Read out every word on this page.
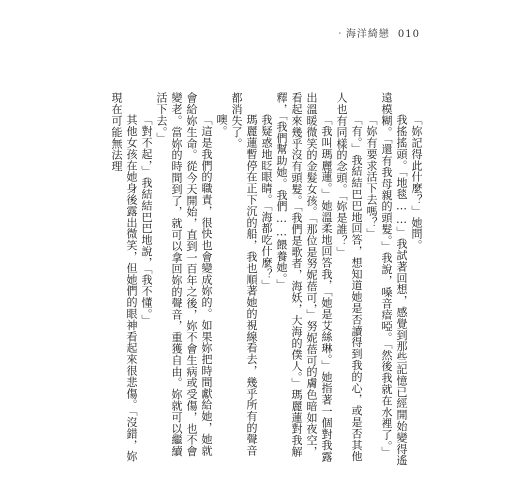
‧海洋綺戀 010

「妳記得此什麼？」她問。

我搖搖頭。「地毯……」我試著回想，感覺到那些記憶已經開始變得遙遠模糊。「還有我母親的頭髮。」我說，嗓音瘖啞。「然後我就在水裡了。」

「妳有要求活下去嗎？」

「有。」我結結巴巴地回答，想知道她是否讀得到我的心，或是否其他人也有同樣的念頭。「妳是誰？」

「我叫瑪麗蓮。」她溫柔地回答我，「她是艾絲琳。」她指著一個對我露出溫暖微笑的金髮女孩。「那位是努妮蓓可，」努妮蓓可的膚色暗如夜空，看起來幾乎沒有頭髮。「我們是歌者，海妖，大海的僕人。」瑪麗蓮對我解釋，「我們幫助她。我們……餵養她。」

我疑惑地眨眼睛。「海都吃什麼？」

瑪麗蓮暫停在正下沉的船，我也順著她的視線看去，幾乎所有的聲音都消失了。

噢。

「這是我們的職責，很快也會變成妳的。如果妳把時間獻給她，她就會給妳生命。從今天開始，直到一百年之後，妳不會生病或受傷，也不會變老。當妳的時間到了，就可以拿回妳的聲音，重獲自由。妳就可以繼續活下去。」

「對不起，」我結結巴巴地說，「我不懂。」

其他女孩在她身後露出微笑，但她們的眼神看起來很悲傷。「沒錯，妳現在可能無法理
